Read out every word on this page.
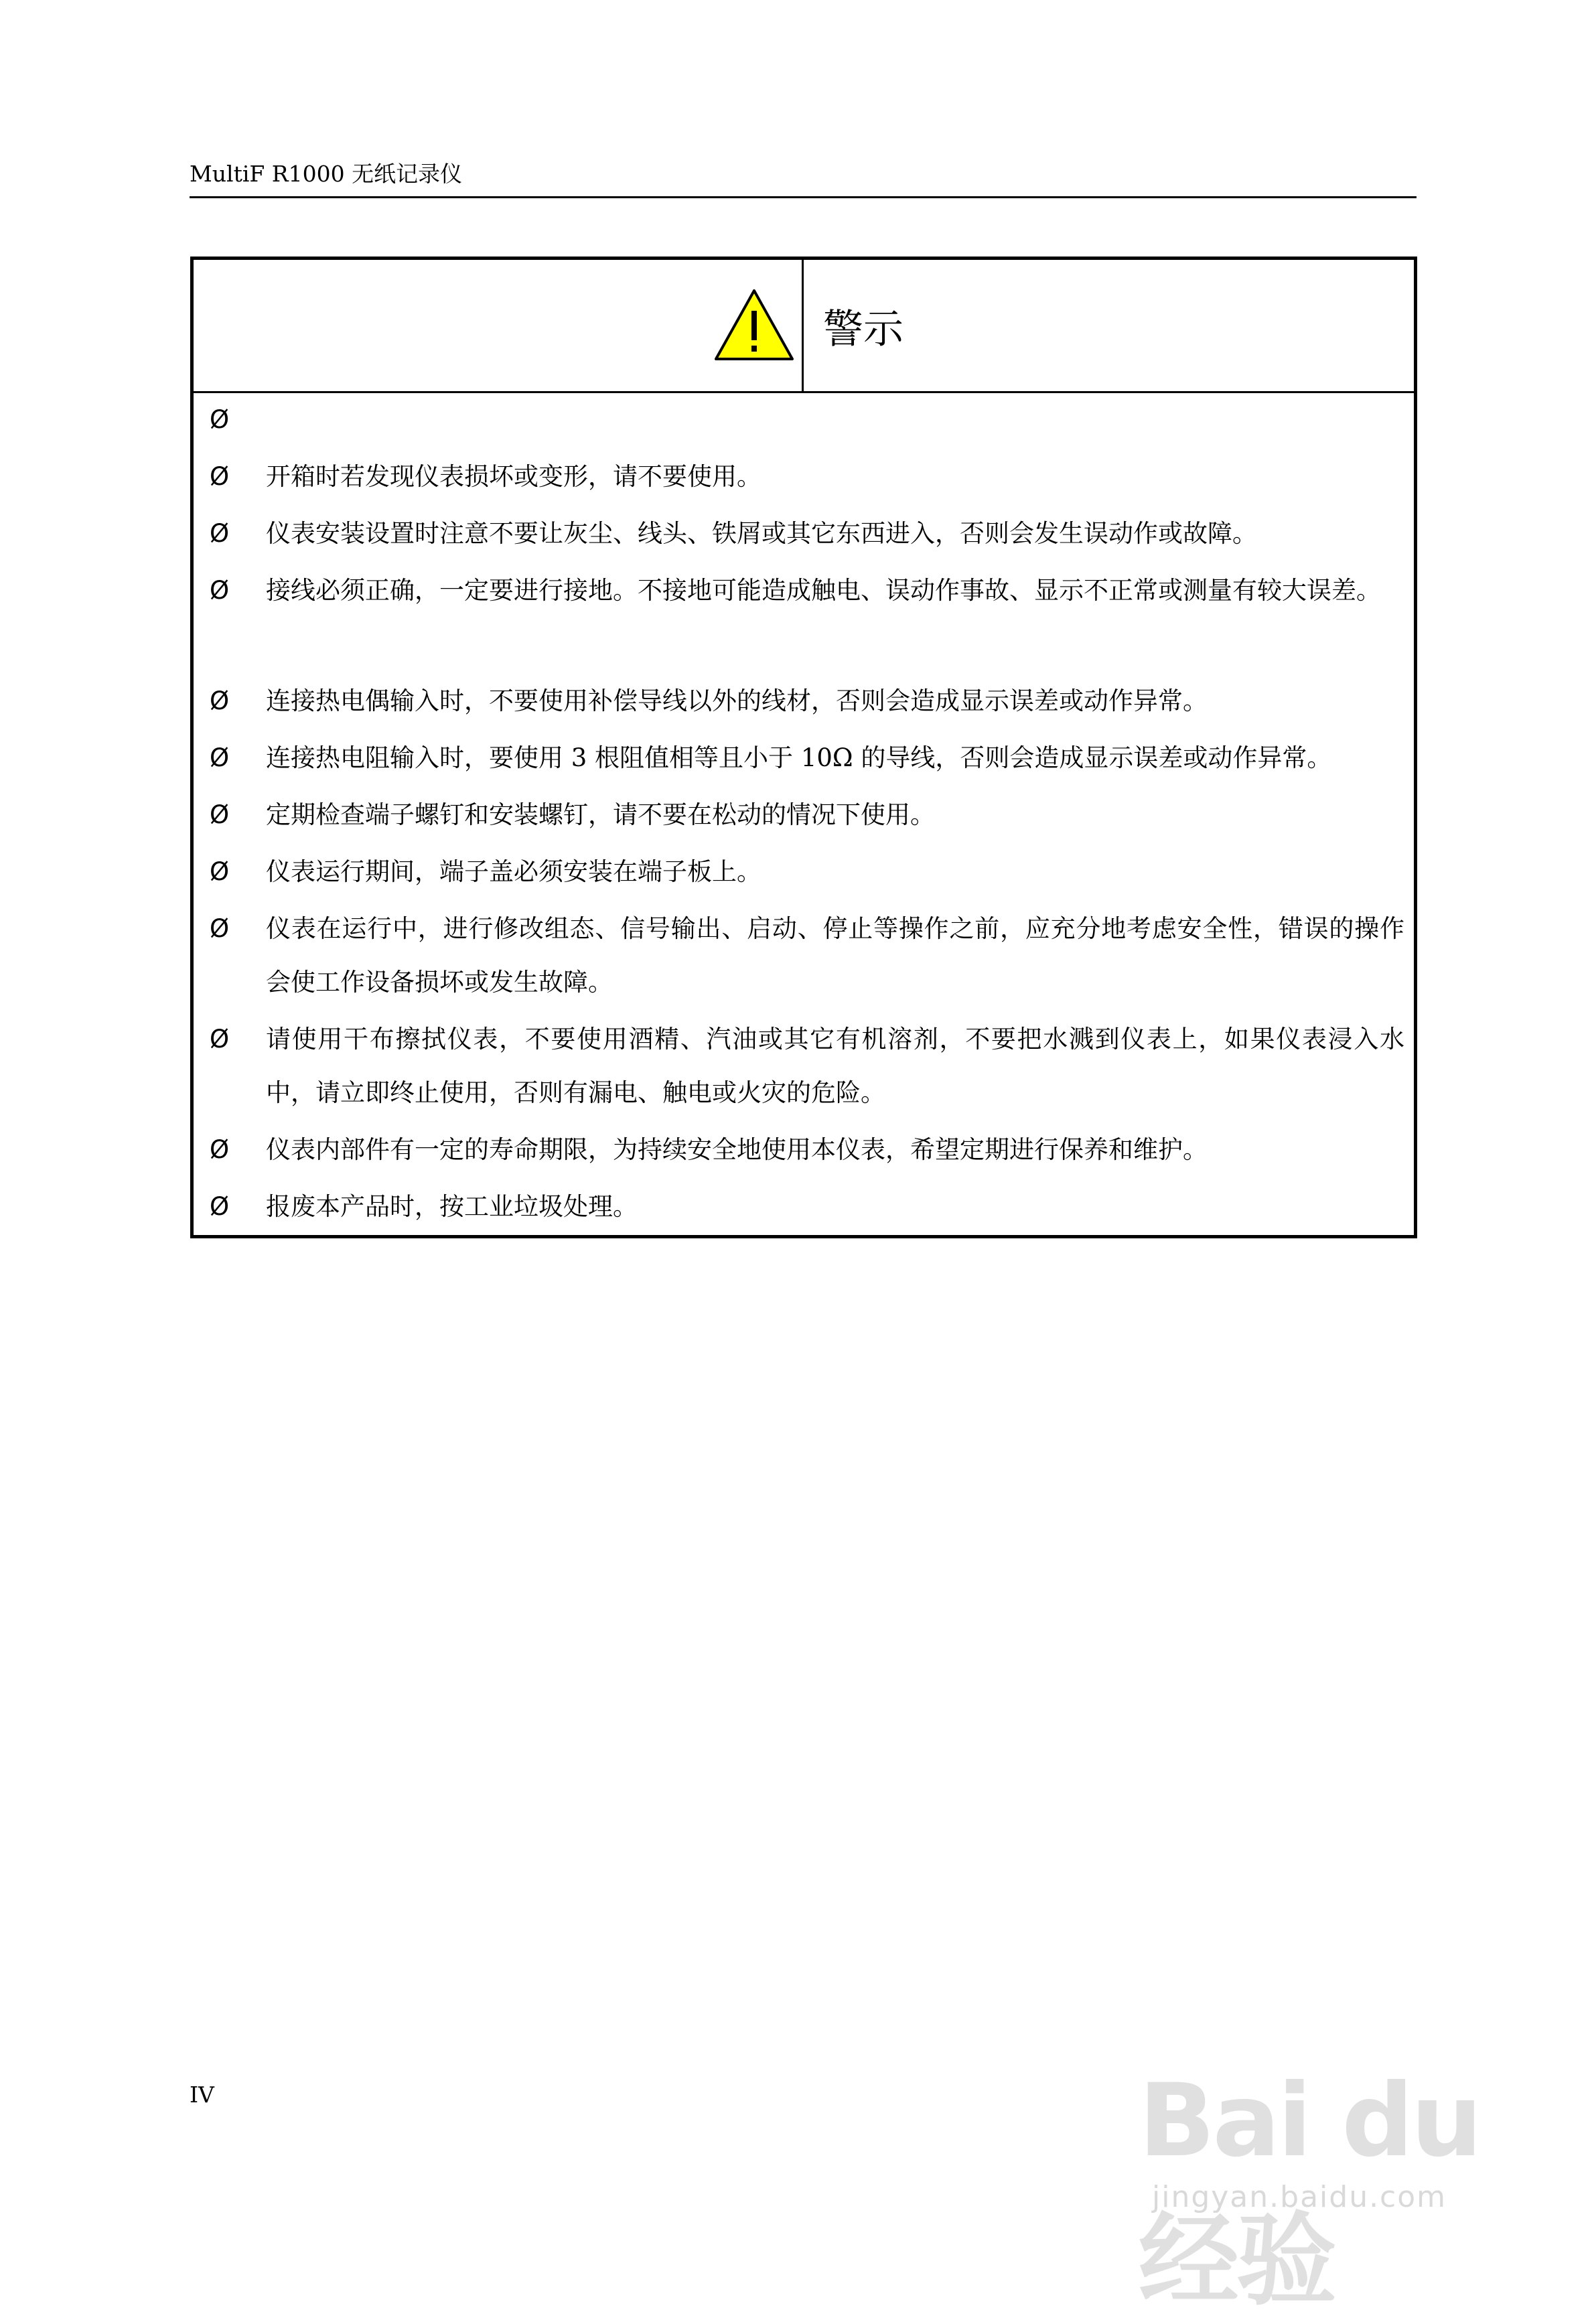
MultiF R1000 无纸记录仪
警示
Ø
Ø 开箱时若发现仪表损坏或变形，请不要使用。
Ø 仪表安装设置时注意不要让灰尘、线头、铁屑或其它东西进入，否则会发生误动作或故障。
Ø 接线必须正确，一定要进行接地。不接地可能造成触电、误动作事故、显示不正常或测量有较大误差。
Ø 连接热电偶输入时，不要使用补偿导线以外的线材，否则会造成显示误差或动作异常。
Ø 连接热电阻输入时，要使用 3 根阻值相等且小于 10Ω 的导线，否则会造成显示误差或动作异常。
Ø 定期检查端子螺钉和安装螺钉，请不要在松动的情况下使用。
Ø 仪表运行期间，端子盖必须安装在端子板上。
Ø 仪表在运行中，进行修改组态、信号输出、启动、停止等操作之前，应充分地考虑安全性，错误的操作会使工作设备损坏或发生故障。
Ø 请使用干布擦拭仪表，不要使用酒精、汽油或其它有机溶剂，不要把水溅到仪表上，如果仪表浸入水中，请立即终止使用，否则有漏电、触电或火灾的危险。
Ø 仪表内部件有一定的寿命期限，为持续安全地使用本仪表，希望定期进行保养和维护。
Ø 报废本产品时，按工业垃圾处理。
IV	Bai du 经验
jingyan.baidu.com
